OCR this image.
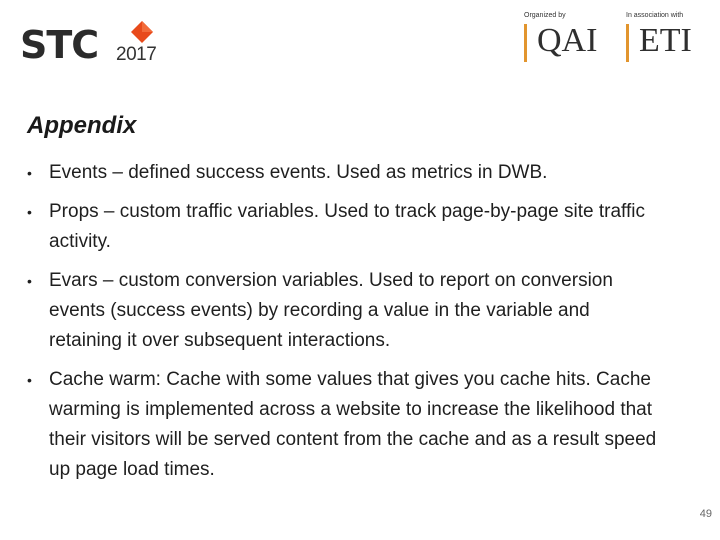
STC 2017
Organized by	In association with
QAI ETI
Appendix
• Events – defined success events. Used as metrics in DWB.
• Props – custom traffic variables. Used to track page-by-page site traffic activity.
• Evars – custom conversion variables. Used to report on conversion events (success events) by recording a value in the variable and retaining it over subsequent interactions.
• Cache warm: Cache with some values that gives you cache hits. Cache warming is implemented across a website to increase the likelihood that their visitors will be served content from the cache and as a result speed up page load times.
49
